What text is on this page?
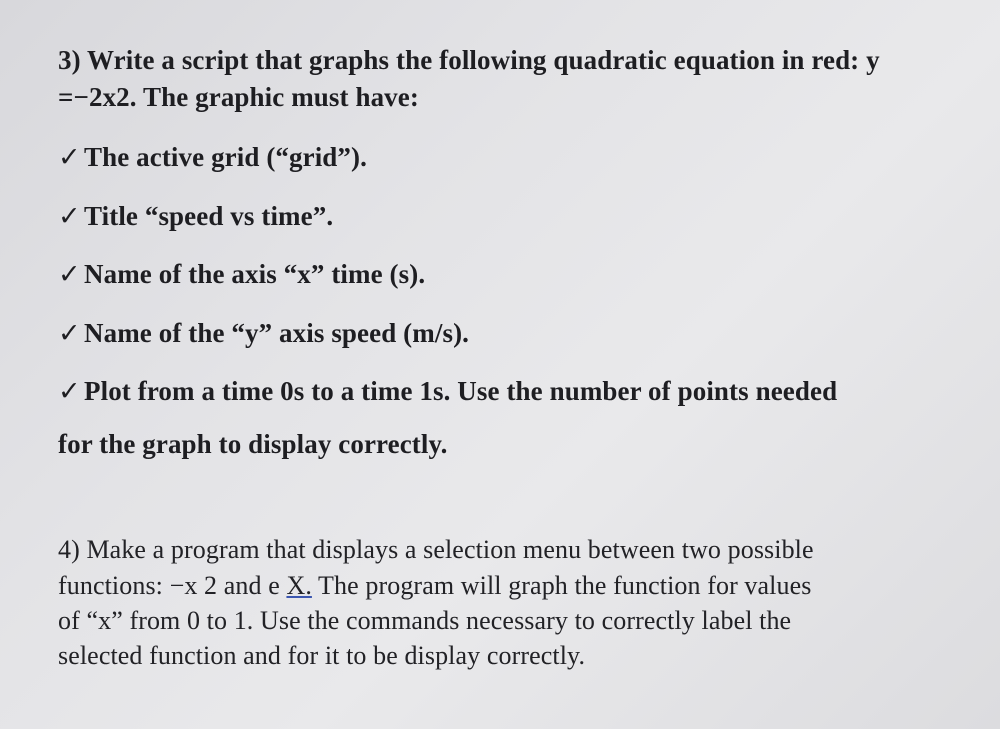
3) Write a script that graphs the following quadratic equation in red: y
=−2x2. The graphic must have:
✓ The active grid (“grid”).
✓ Title “speed vs time”.
✓ Name of the axis “x” time (s).
✓ Name of the “y” axis speed (m/s).
✓ Plot from a time 0s to a time 1s. Use the number of points needed
for the graph to display correctly.
4) Make a program that displays a selection menu between two possible
functions: −x 2 and e X. The program will graph the function for values
of “x” from 0 to 1. Use the commands necessary to correctly label the
selected function and for it to be display correctly.
